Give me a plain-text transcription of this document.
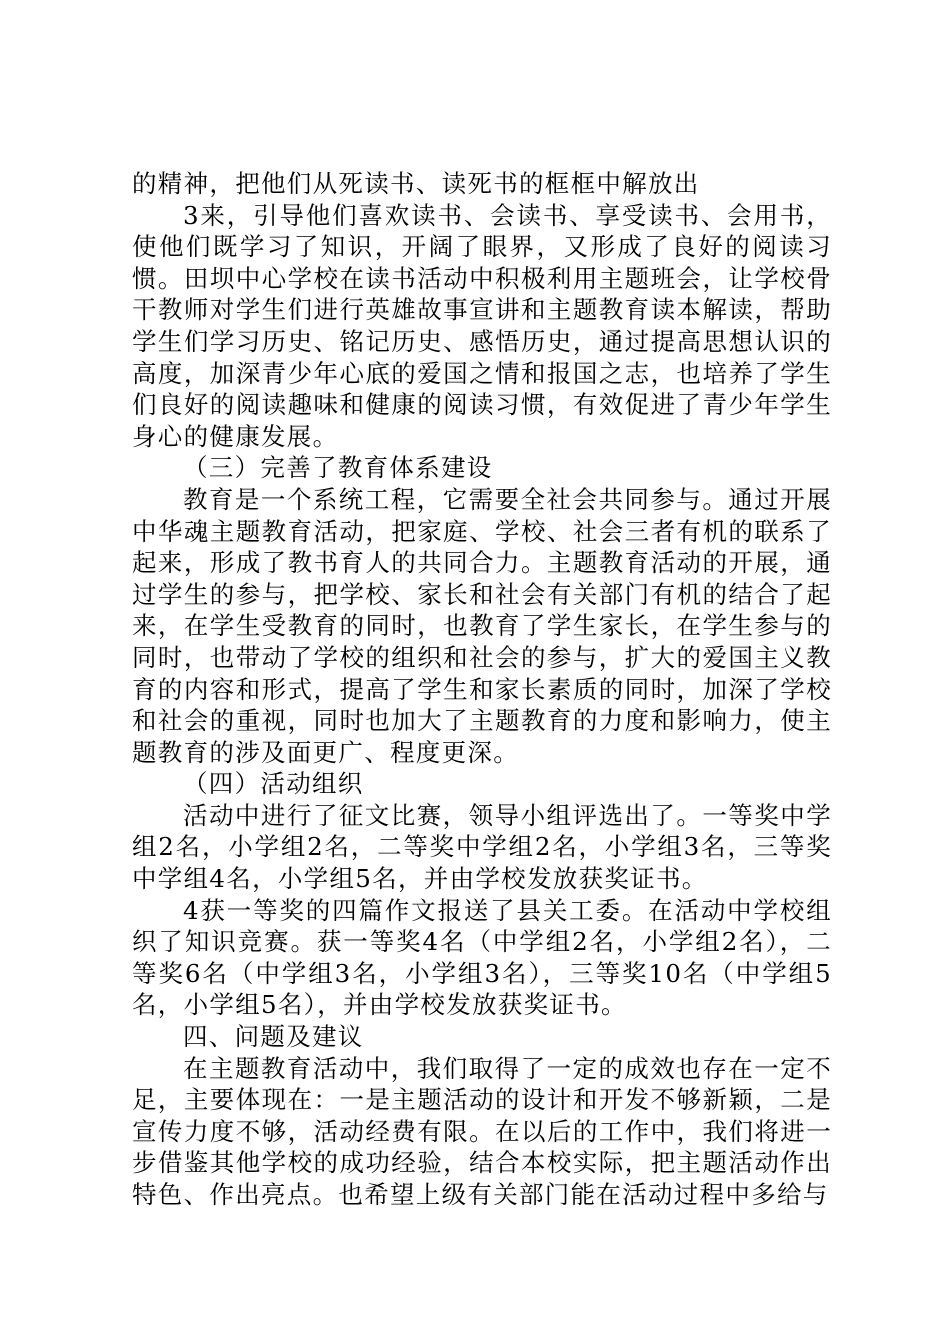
的精神，把他们从死读书、读死书的框框中解放出

3来，引导他们喜欢读书、会读书、享受读书、会用书，使他们既学习了知识，开阔了眼界，又形成了良好的阅读习惯。田坝中心学校在读书活动中积极利用主题班会，让学校骨干教师对学生们进行英雄故事宣讲和主题教育读本解读，帮助学生们学习历史、铭记历史、感悟历史，通过提高思想认识的高度，加深青少年心底的爱国之情和报国之志，也培养了学生们良好的阅读趣味和健康的阅读习惯，有效促进了青少年学生身心的健康发展。

（三）完善了教育体系建设

教育是一个系统工程，它需要全社会共同参与。通过开展中华魂主题教育活动，把家庭、学校、社会三者有机的联系了起来，形成了教书育人的共同合力。主题教育活动的开展，通过学生的参与，把学校、家长和社会有关部门有机的结合了起来，在学生受教育的同时，也教育了学生家长，在学生参与的同时，也带动了学校的组织和社会的参与，扩大的爱国主义教育的内容和形式，提高了学生和家长素质的同时，加深了学校和社会的重视，同时也加大了主题教育的力度和影响力，使主题教育的涉及面更广、程度更深。

（四）活动组织

活动中进行了征文比赛，领导小组评选出了。一等奖中学组2名，小学组2名，二等奖中学组2名，小学组3名，三等奖中学组4名，小学组5名，并由学校发放获奖证书。

4获一等奖的四篇作文报送了县关工委。在活动中学校组织了知识竞赛。获一等奖4名（中学组2名，小学组2名），二等奖6名（中学组3名，小学组3名），三等奖10名（中学组5名，小学组5名），并由学校发放获奖证书。

四、问题及建议

在主题教育活动中，我们取得了一定的成效也存在一定不足，主要体现在：一是主题活动的设计和开发不够新颖，二是宣传力度不够，活动经费有限。在以后的工作中，我们将进一步借鉴其他学校的成功经验，结合本校实际，把主题活动作出特色、作出亮点。也希望上级有关部门能在活动过程中多给与
